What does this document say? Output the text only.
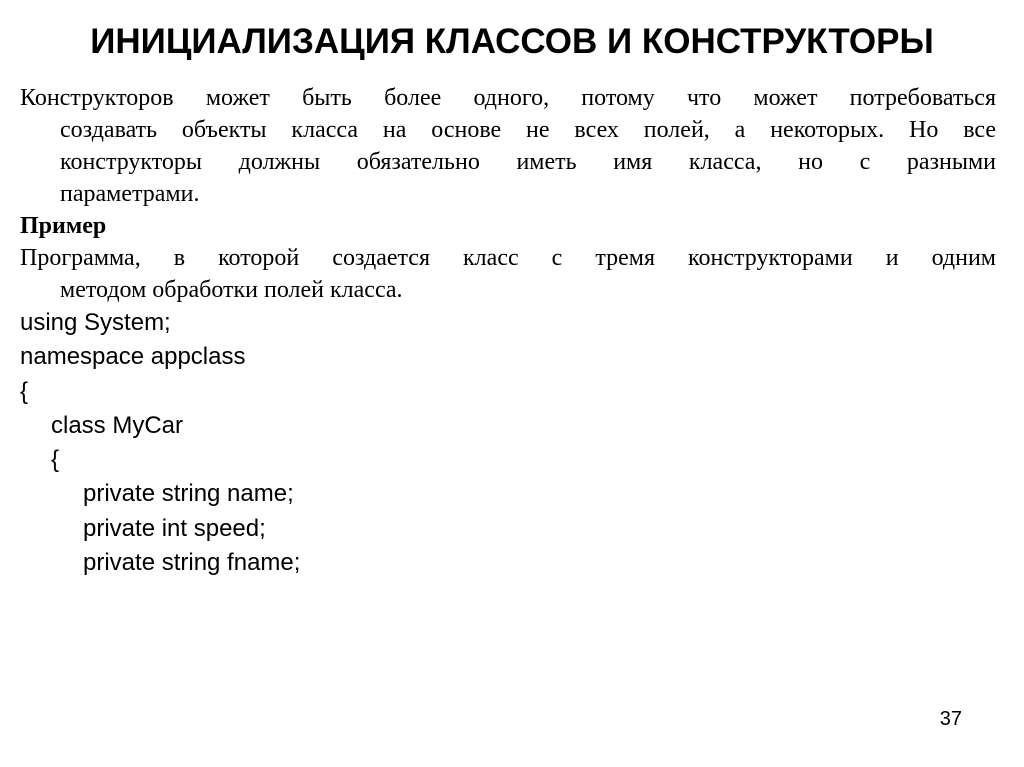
ИНИЦИАЛИЗАЦИЯ КЛАССОВ И КОНСТРУКТОРЫ
Конструкторов может быть более одного, потому что может потребоваться
создавать объекты класса на основе не всех полей, а некоторых. Но все
конструкторы должны обязательно иметь имя класса, но с разными
параметрами.
Пример
Программа, в которой создается класс с тремя конструкторами и одним
методом обработки полей класса.
using System;
namespace appclass
{
class MyCar
{
private string name;
private int speed;
private string fname;
37
